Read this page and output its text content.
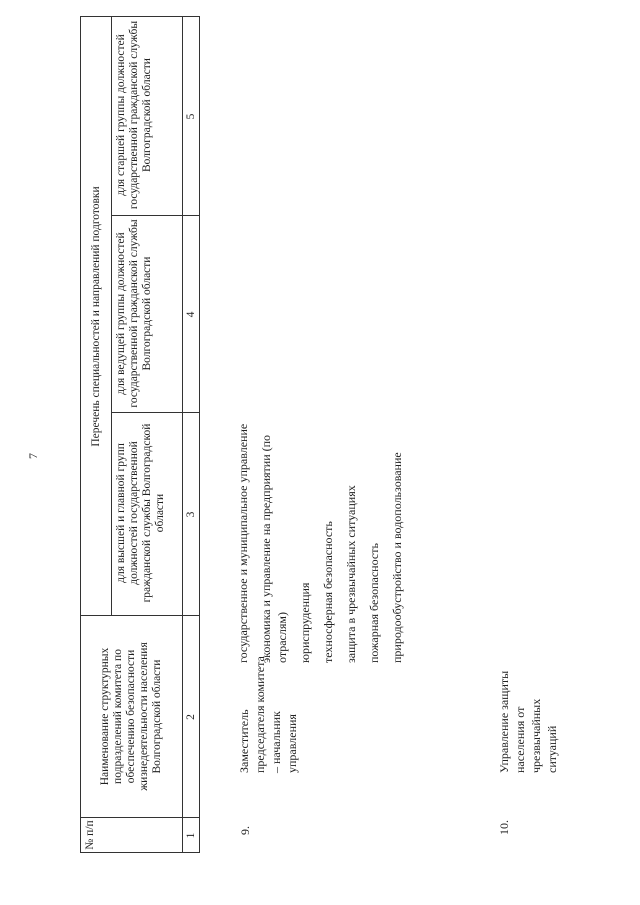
7
№ п/п
Наименование структурных подразделений комитета по обеспечению безопасности жизнедеятельности населения Волгоградской области
Перечень специальностей и направлений подготовки
для высшей и главной групп должностей государственной гражданской службы Волгоградской области
для ведущей группы должностей государственной гражданской службы Волгоградской области
для старшей группы должностей государственной гражданской службы Волгоградской области
1
2
3
4
5
9.
Заместитель председателя комитета – начальник управления
государственное и муниципальное управление экономика и управление на предприятии (по отраслям) юриспруденция техносферная безопасность защита в чрезвычайных ситуациях пожарная безопасность природообустройство и водопользование
10.
Управление защиты населения от чрезвычайных ситуаций
